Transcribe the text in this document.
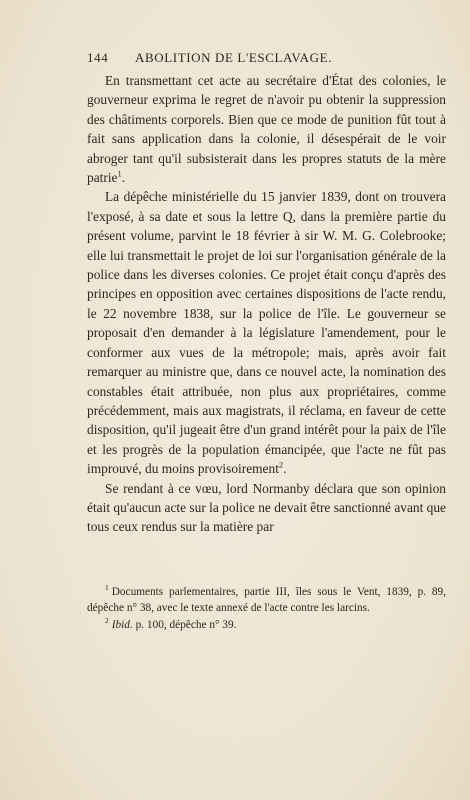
144 ABOLITION DE L'ESCLAVAGE.

En transmettant cet acte au secrétaire d'État des colonies, le gouverneur exprima le regret de n'avoir pu obtenir la suppression des châtiments corporels. Bien que ce mode de punition fût tout à fait sans application dans la colonie, il désespérait de le voir abroger tant qu'il subsisterait dans les propres statuts de la mère patrie$^1$.

La dépêche ministérielle du 15 janvier 1839, dont on trouvera l'exposé, à sa date et sous la lettre Q, dans la première partie du présent volume, parvint le 18 février à sir W. M. G. Colebrooke; elle lui transmettait le projet de loi sur l'organisation générale de la police dans les diverses colonies. Ce projet était conçu d'après des principes en opposition avec certaines dispositions de l'acte rendu, le 22 novembre 1838, sur la police de l'île. Le gouverneur se proposait d'en demander à la législature l'amendement, pour le conformer aux vues de la métropole; mais, après avoir fait remarquer au ministre que, dans ce nouvel acte, la nomination des constables était attribuée, non plus aux propriétaires, comme précédemment, mais aux magistrats, il réclama, en faveur de cette disposition, qu'il jugeait être d'un grand intérêt pour la paix de l'île et les progrès de la population émancipée, que l'acte ne fût pas improuvé, du moins provisoirement$^2$.

Se rendant à ce vœu, lord Normanby déclara que son opinion était qu'aucun acte sur la police ne devait être sanctionné avant que tous ceux rendus sur la matière par

$^1$ Documents parlementaires, partie III, îles sous le Vent, 1839, p. 89, dépêche n° 38, avec le texte annexé de l'acte contre les larcins.

$^2$ Ibid. p. 100, dépêche n° 39.
